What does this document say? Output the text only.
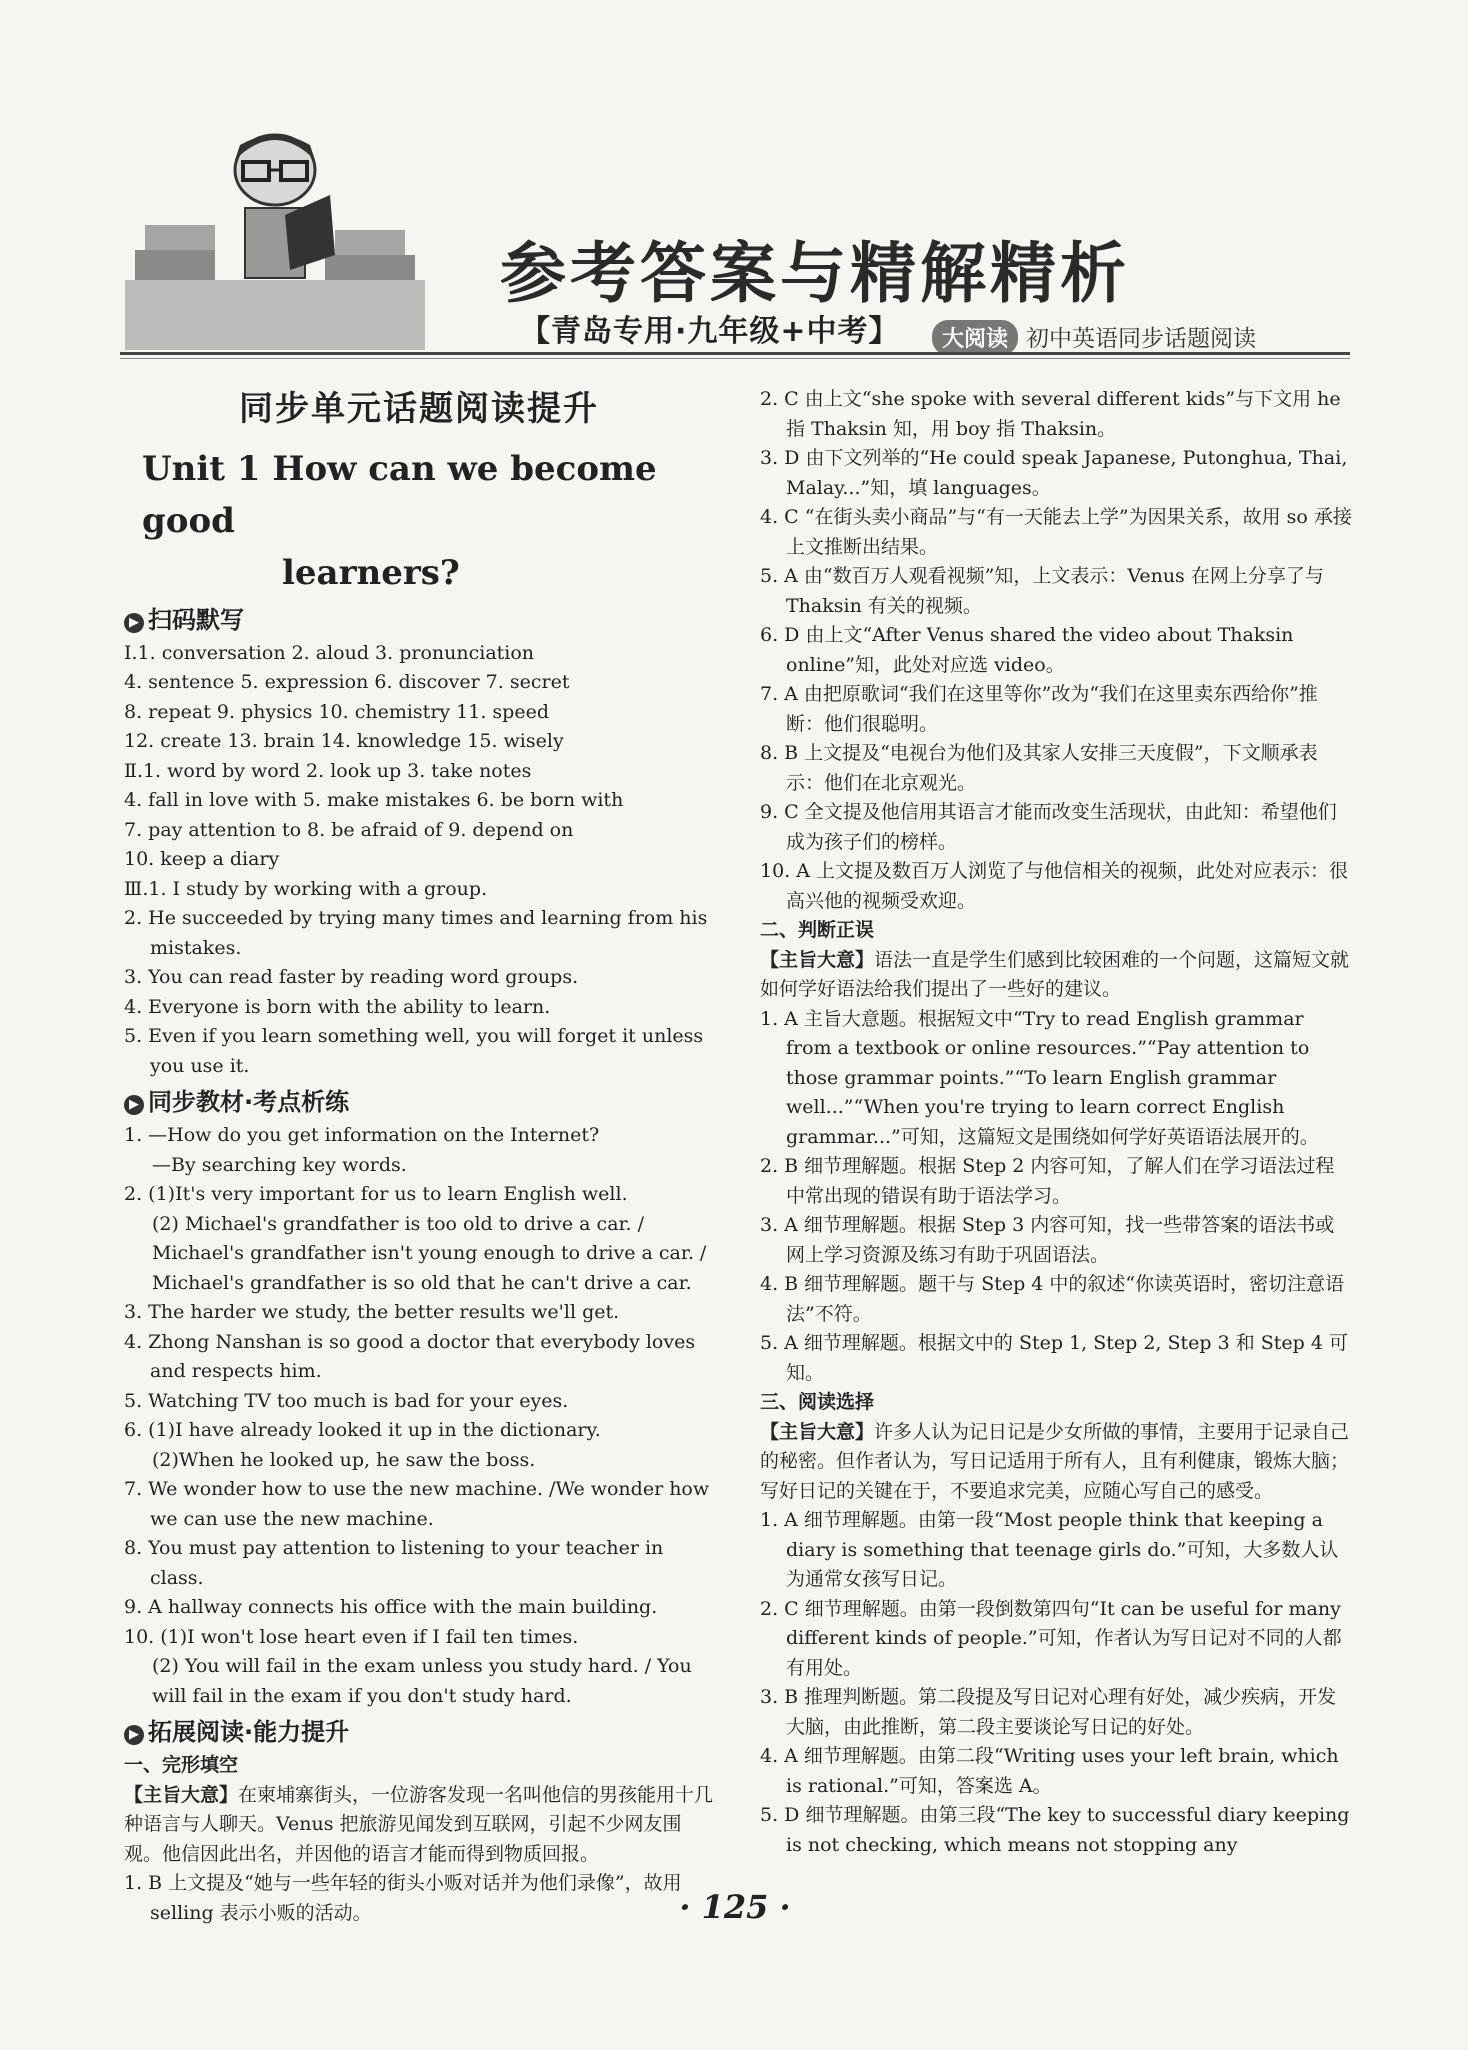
参考答案与精解精析
【青岛专用·九年级+中考】	大阅读 初中英语同步话题阅读
同步单元话题阅读提升
Unit 1 How can we become good
learners?
▶ 扫码默写

Ⅰ.1. conversation 2. aloud 3. pronunciation

4. sentence 5. expression 6. discover 7. secret

8. repeat 9. physics 10. chemistry 11. speed

12. create 13. brain 14. knowledge 15. wisely

Ⅱ.1. word by word 2. look up 3. take notes

4. fall in love with 5. make mistakes 6. be born with

7. pay attention to 8. be afraid of 9. depend on

10. keep a diary

Ⅲ.1. I study by working with a group.

2. He succeeded by trying many times and learning from his mistakes.

3. You can read faster by reading word groups.

4. Everyone is born with the ability to learn.

5. Even if you learn something well, you will forget it unless you use it.

▶ 同步教材·考点析练

1. —How do you get information on the Internet?

—By searching key words.

2. (1)It's very important for us to learn English well.

(2) Michael's grandfather is too old to drive a car. / Michael's grandfather isn't young enough to drive a car. / Michael's grandfather is so old that he can't drive a car.

3. The harder we study, the better results we'll get.

4. Zhong Nanshan is so good a doctor that everybody loves and respects him.

5. Watching TV too much is bad for your eyes.

6. (1)I have already looked it up in the dictionary.

(2)When he looked up, he saw the boss.

7. We wonder how to use the new machine. /We wonder how we can use the new machine.

8. You must pay attention to listening to your teacher in class.

9. A hallway connects his office with the main building.

10. (1)I won't lose heart even if I fail ten times.

(2) You will fail in the exam unless you study hard. / You will fail in the exam if you don't study hard.

▶ 拓展阅读·能力提升
一、完形填空

【主旨大意】在柬埔寨街头，一位游客发现一名叫他信的男孩能用十几种语言与人聊天。Venus 把旅游见闻发到互联网，引起不少网友围观。他信因此出名，并因他的语言才能而得到物质回报。

1. B 上文提及“她与一些年轻的街头小贩对话并为他们录像”，故用 selling 表示小贩的活动。

2. C 由上文“she spoke with several different kids”与下文用 he 指 Thaksin 知，用 boy 指 Thaksin。

3. D 由下文列举的“He could speak Japanese, Putonghua, Thai, Malay...”知，填 languages。

4. C “在街头卖小商品”与“有一天能去上学”为因果关系，故用 so 承接上文推断出结果。

5. A 由“数百万人观看视频”知，上文表示：Venus 在网上分享了与 Thaksin 有关的视频。

6. D 由上文“After Venus shared the video about Thaksin online”知，此处对应选 video。

7. A 由把原歌词“我们在这里等你”改为“我们在这里卖东西给你”推断：他们很聪明。

8. B 上文提及“电视台为他们及其家人安排三天度假”，下文顺承表示：他们在北京观光。

9. C 全文提及他信用其语言才能而改变生活现状，由此知：希望他们成为孩子们的榜样。

10. A 上文提及数百万人浏览了与他信相关的视频，此处对应表示：很高兴他的视频受欢迎。

二、判断正误

【主旨大意】语法一直是学生们感到比较困难的一个问题，这篇短文就如何学好语法给我们提出了一些好的建议。

1. A 主旨大意题。根据短文中“Try to read English grammar from a textbook or online resources.”“Pay attention to those grammar points.”“To learn English grammar well...”“When you're trying to learn correct English grammar...”可知，这篇短文是围绕如何学好英语语法展开的。

2. B 细节理解题。根据 Step 2 内容可知，了解人们在学习语法过程中常出现的错误有助于语法学习。

3. A 细节理解题。根据 Step 3 内容可知，找一些带答案的语法书或网上学习资源及练习有助于巩固语法。

4. B 细节理解题。题干与 Step 4 中的叙述“你读英语时，密切注意语法”不符。

5. A 细节理解题。根据文中的 Step 1, Step 2, Step 3 和 Step 4 可知。

三、阅读选择

【主旨大意】许多人认为记日记是少女所做的事情，主要用于记录自己的秘密。但作者认为，写日记适用于所有人，且有利健康，锻炼大脑；写好日记的关键在于，不要追求完美，应随心写自己的感受。

1. A 细节理解题。由第一段“Most people think that keeping a diary is something that teenage girls do.”可知，大多数人认为通常女孩写日记。

2. C 细节理解题。由第一段倒数第四句“It can be useful for many different kinds of people.”可知，作者认为写日记对不同的人都有用处。

3. B 推理判断题。第二段提及写日记对心理有好处，减少疾病，开发大脑，由此推断，第二段主要谈论写日记的好处。

4. A 细节理解题。由第二段“Writing uses your left brain, which is rational.”可知，答案选 A。

5. D 细节理解题。由第三段“The key to successful diary keeping is not checking, which means not stopping any

· 125 ·
